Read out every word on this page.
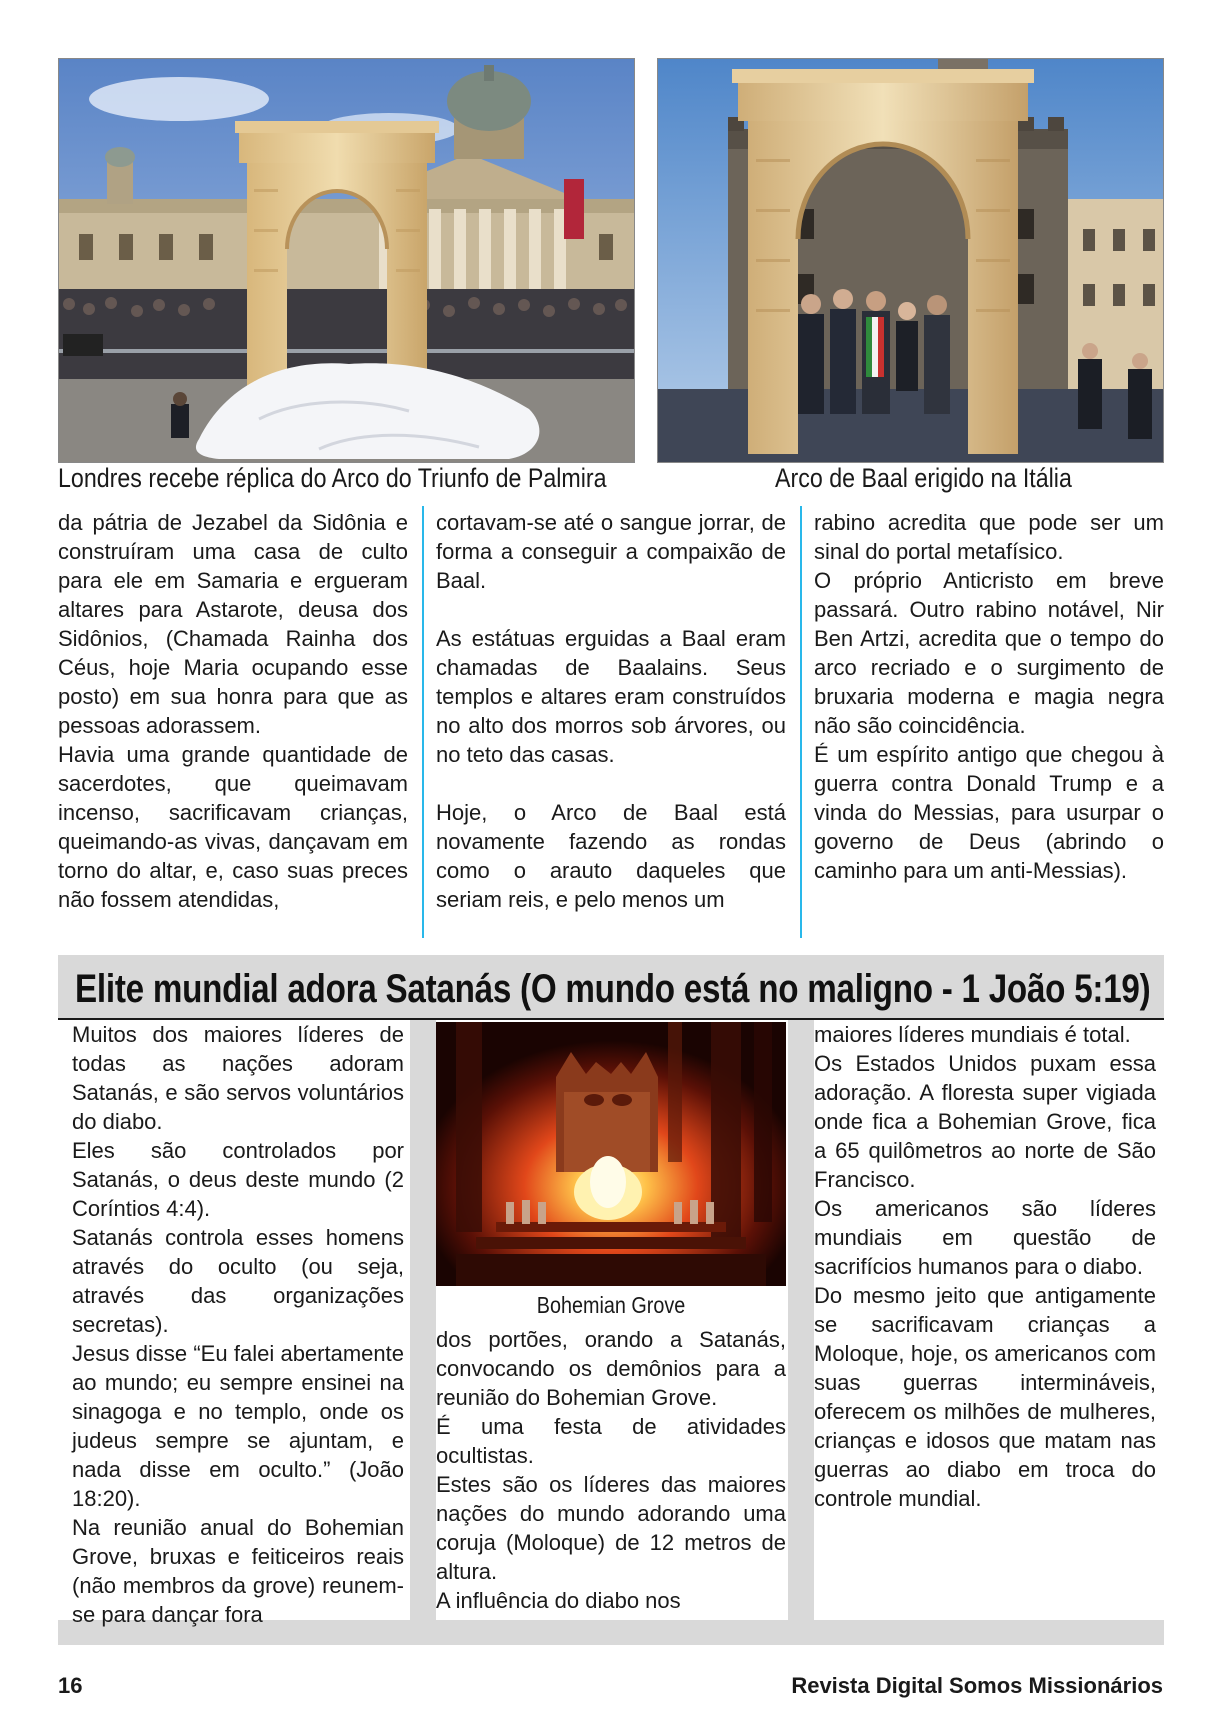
Londres recebe réplica do Arco do Triunfo de Palmira	Arco de Baal erigido na Itália

da pátria de Jezabel da Sidônia e construíram uma casa de culto para ele em Samaria e ergueram altares para Astarote, deusa dos Sidônios, (Chamada Rainha dos Céus, hoje Maria ocupando esse posto) em sua honra para que as pessoas adorassem.

Havia uma grande quantidade de sacerdotes, que queimavam incenso, sacrificavam crianças, queimando-as vivas, dançavam em torno do altar, e, caso suas preces não fossem atendidas,

cortavam-se até o sangue jorrar, de forma a conseguir a compaixão de Baal.

As estátuas erguidas a Baal eram chamadas de Baalains. Seus templos e altares eram construídos no alto dos morros sob árvores, ou no teto das casas.

Hoje, o Arco de Baal está novamente fazendo as rondas como o arauto daqueles que seriam reis, e pelo menos um

rabino acredita que pode ser um sinal do portal metafísico.

O próprio Anticristo em breve passará. Outro rabino notável, Nir Ben Artzi, acredita que o tempo do arco recriado e o surgimento de bruxaria moderna e magia negra não são coincidência.

É um espírito antigo que chegou à guerra contra Donald Trump e a vinda do Messias, para usurpar o governo de Deus (abrindo o caminho para um anti-Messias).

Elite mundial adora Satanás (O mundo está no maligno - 1 João 5:19)

Muitos dos maiores líderes de todas as nações adoram Satanás, e são servos voluntários do diabo.

Eles são controlados por Satanás, o deus deste mundo (2 Coríntios 4:4).

Satanás controla esses homens através do oculto (ou seja, através das organizações secretas).

Jesus disse “Eu falei abertamente ao mundo; eu sempre ensinei na sinagoga e no templo, onde os judeus sempre se ajuntam, e nada disse em oculto.” (João 18:20).

Na reunião anual do Bohemian Grove, bruxas e feiticeiros reais (não membros da grove) reunem-se para dançar fora

dos portões, orando a Satanás, convocando os demônios para a reunião do Bohemian Grove.

É uma festa de atividades ocultistas.

Estes são os líderes das maiores nações do mundo adorando uma coruja (Moloque) de 12 metros de altura.

A influência do diabo nos

Bohemian Grove

maiores líderes mundiais é total.

Os Estados Unidos puxam essa adoração. A floresta super vigiada onde fica a Bohemian Grove, fica a 65 quilômetros ao norte de São Francisco.

Os americanos são líderes mundiais em questão de sacrifícios humanos para o diabo.

Do mesmo jeito que antigamente se sacrificavam crianças a Moloque, hoje, os americanos com suas guerras intermináveis, oferecem os milhões de mulheres, crianças e idosos que matam nas guerras ao diabo em troca do controle mundial.

16	Revista Digital Somos Missionários
